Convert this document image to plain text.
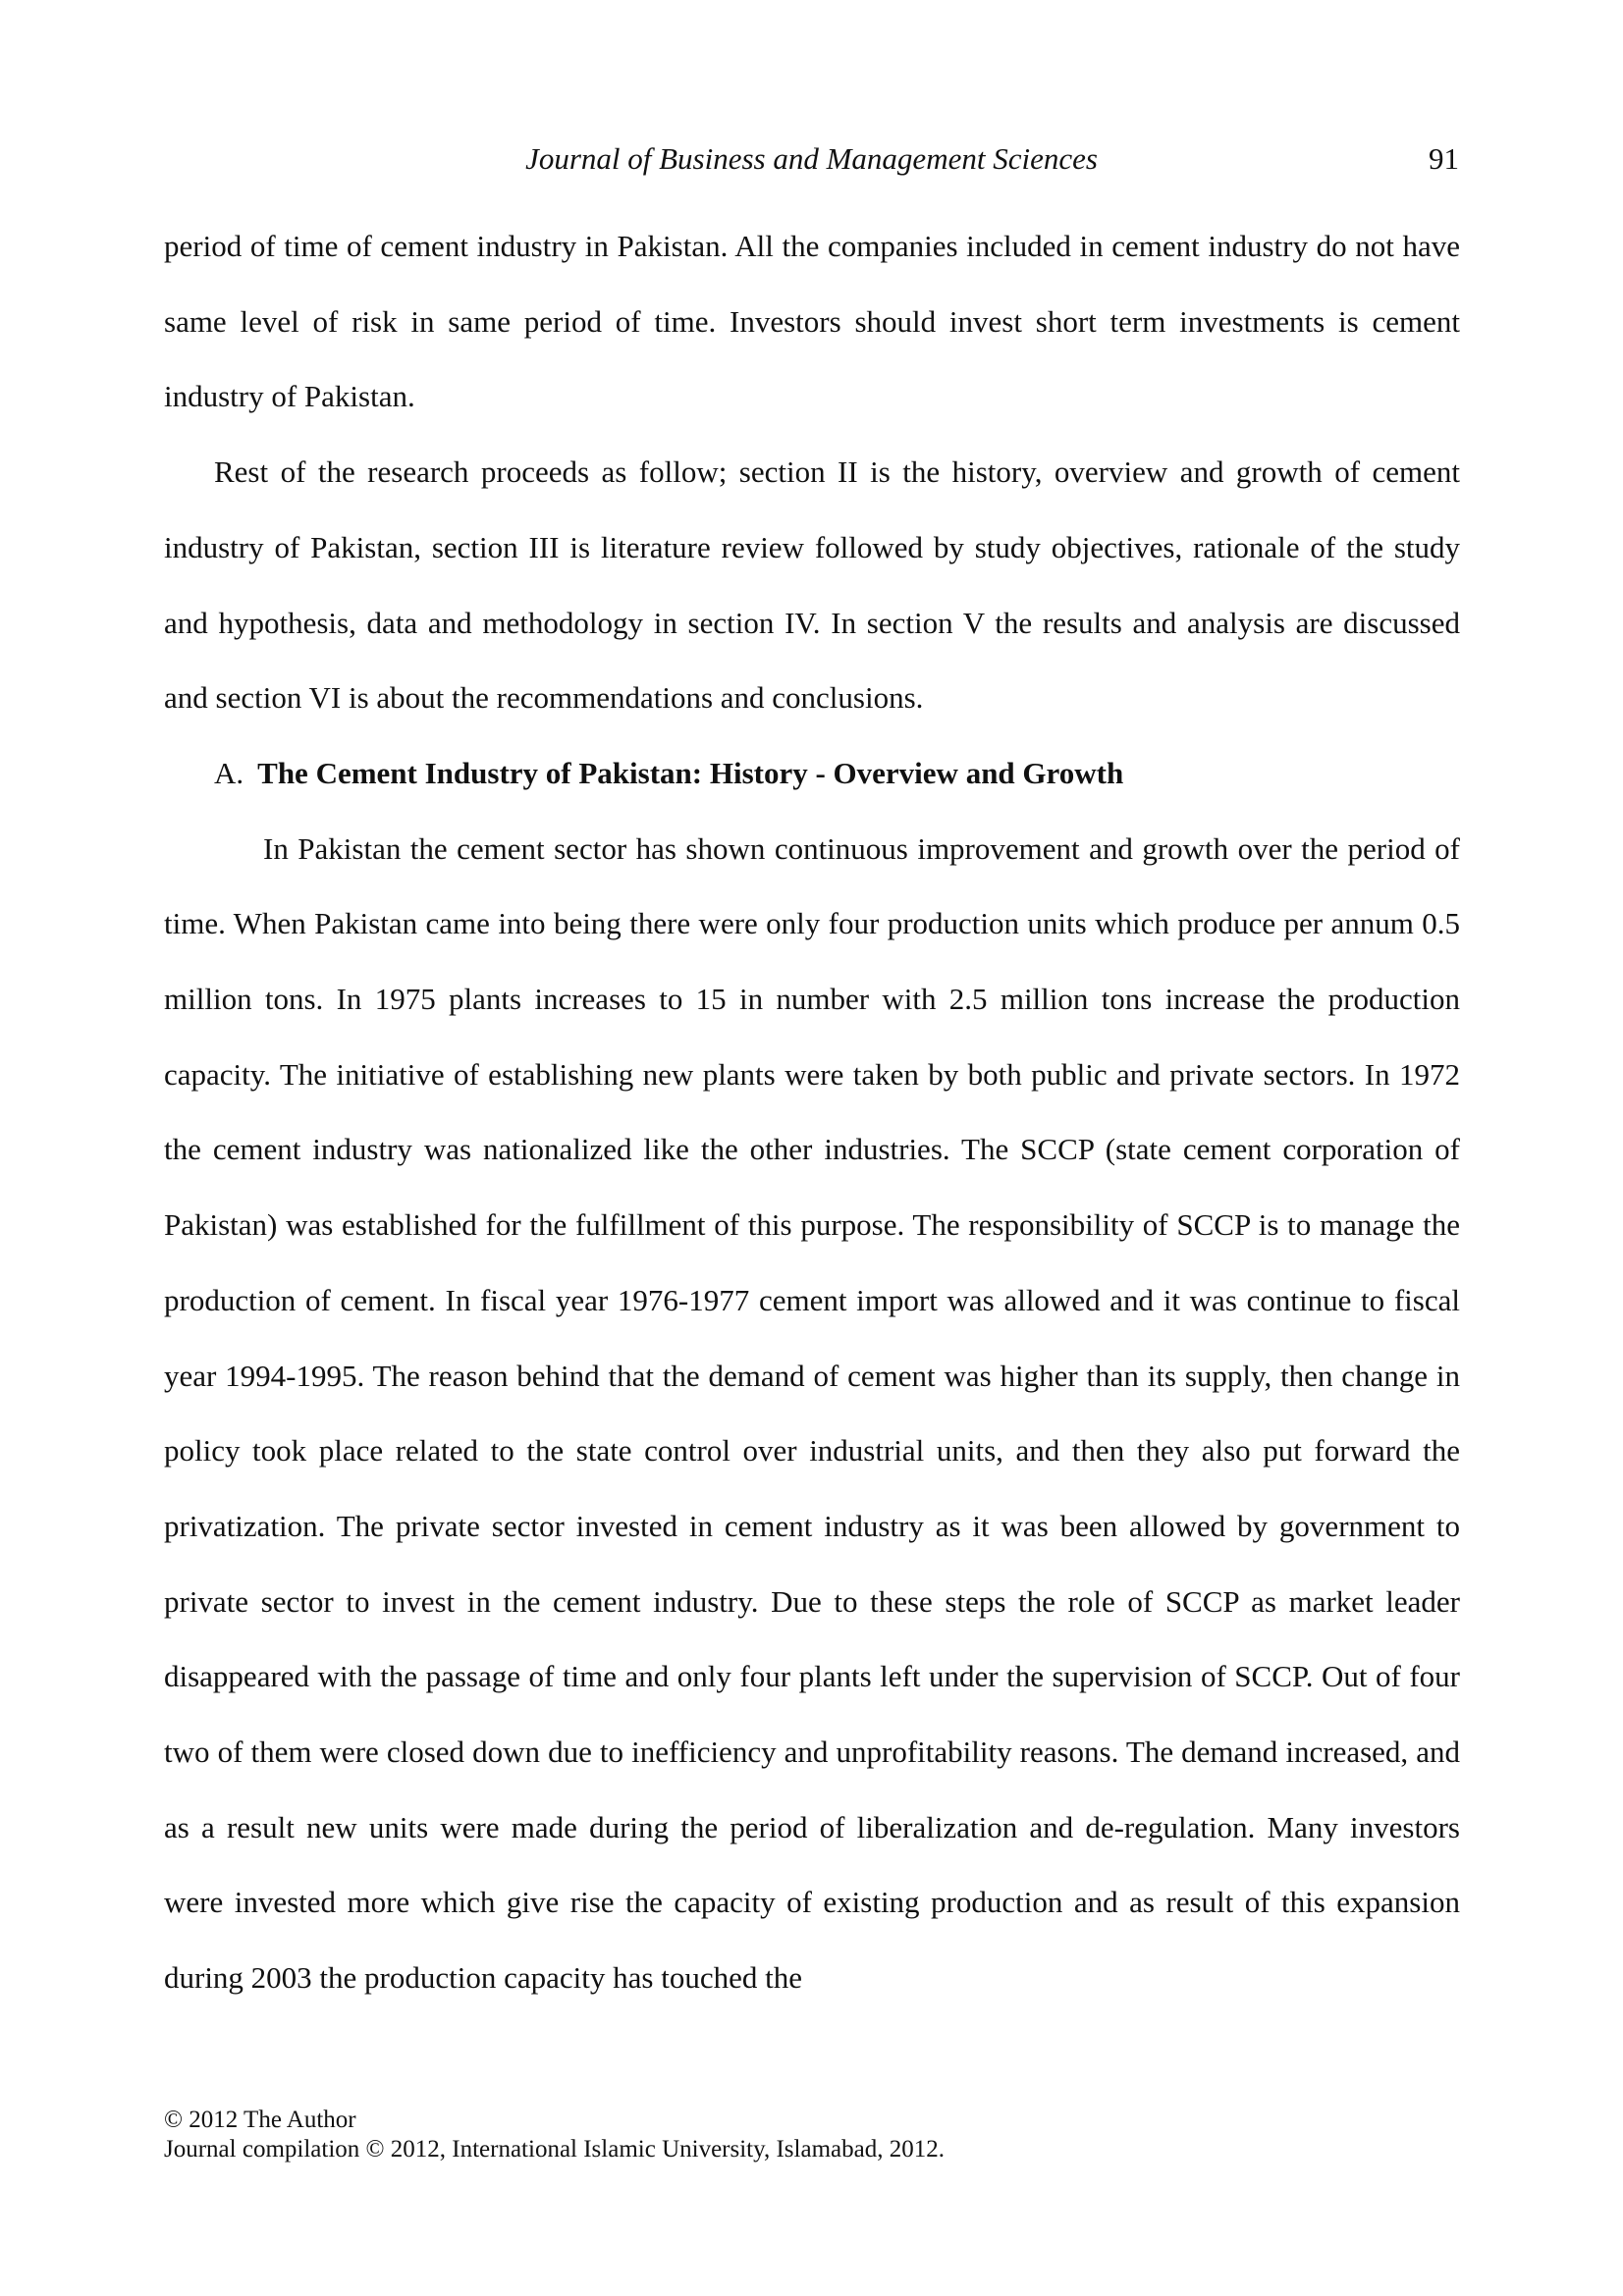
Journal of Business and Management Sciences	91

period of time of cement industry in Pakistan. All the companies included in cement industry do not have same level of risk in same period of time. Investors should invest short term investments is cement industry of Pakistan.

Rest of the research proceeds as follow; section II is the history, overview and growth of cement industry of Pakistan, section III is literature review followed by study objectives, rationale of the study and hypothesis, data and methodology in section IV. In section V the results and analysis are discussed and section VI is about the recommendations and conclusions.

A. The Cement Industry of Pakistan: History - Overview and Growth

In Pakistan the cement sector has shown continuous improvement and growth over the period of time. When Pakistan came into being there were only four production units which produce per annum 0.5 million tons. In 1975 plants increases to 15 in number with 2.5 million tons increase the production capacity. The initiative of establishing new plants were taken by both public and private sectors. In 1972 the cement industry was nationalized like the other industries. The SCCP (state cement corporation of Pakistan) was established for the fulfillment of this purpose. The responsibility of SCCP is to manage the production of cement. In fiscal year 1976-1977 cement import was allowed and it was continue to fiscal year 1994-1995. The reason behind that the demand of cement was higher than its supply, then change in policy took place related to the state control over industrial units, and then they also put forward the privatization. The private sector invested in cement industry as it was been allowed by government to private sector to invest in the cement industry. Due to these steps the role of SCCP as market leader disappeared with the passage of time and only four plants left under the supervision of SCCP. Out of four two of them were closed down due to inefficiency and unprofitability reasons. The demand increased, and as a result new units were made during the period of liberalization and de-regulation. Many investors were invested more which give rise the capacity of existing production and as result of this expansion during 2003 the production capacity has touched the

© 2012 The Author
Journal compilation © 2012, International Islamic University, Islamabad, 2012.
